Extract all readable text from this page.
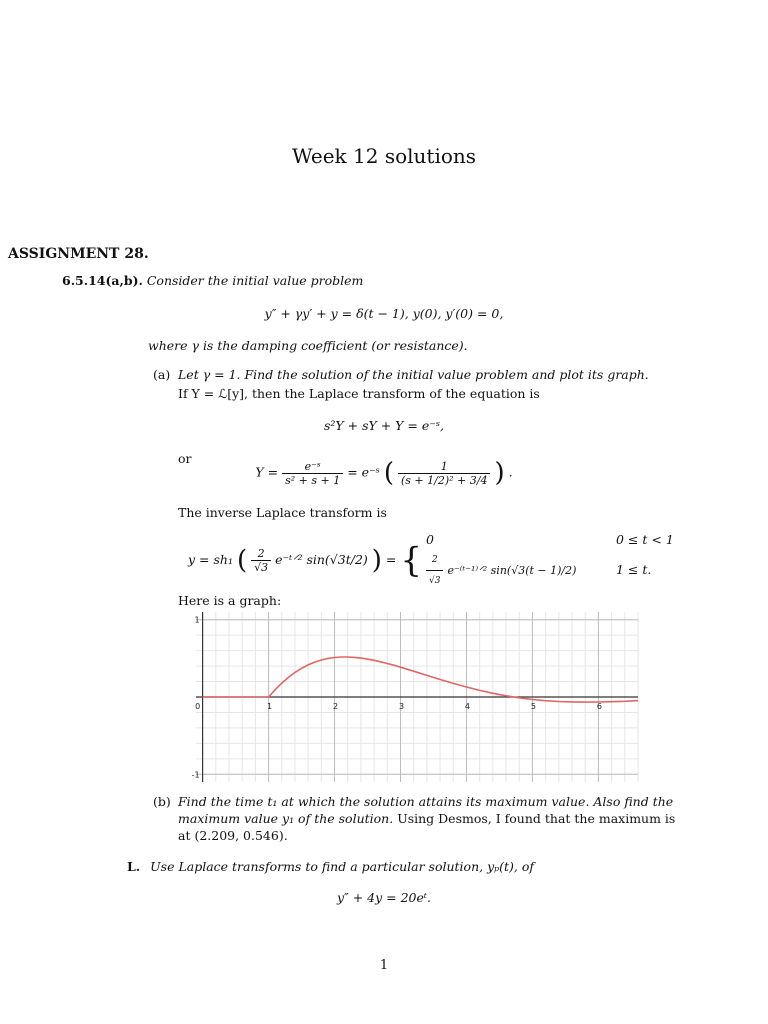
Week 12 solutions
ASSIGNMENT 28.
6.5.14(a,b). Consider the initial value problem
y″ + γy′ + y = δ(t − 1), y(0), y′(0) = 0,
where γ is the damping coefficient (or resistance).
(a) Let γ = 1. Find the solution of the initial value problem and plot its graph.
If Y = ℒ[y], then the Laplace transform of the equation is
s²Y + sY + Y = e⁻ˢ,
or
$Y = \frac{\text{e⁻ˢ}}{\text{s² + s + 1}}$ = e⁻ˢ ( $\frac{1}{\text{(s + 1/2)² + 3/4}}$ ) .
The inverse Laplace transform is
y = sh₁ ( $\frac{2}{√3}$ e⁻ᵗᐟ² sin(√3t/2) ) = {
0	0 ≤ t < 1
$\frac{2}{√3}$ e⁻⁽ᵗ⁻¹⁾ᐟ² sin(√3(t − 1)/2)	1 ≤ t.
Here is a graph:
0	1	2	3	4	5	6
1
-1
(b) Find the time t₁ at which the solution attains its maximum value. Also find the
maximum value y₁ of the solution. Using Desmos, I found that the maximum is
at (2.209, 0.546).
L. Use Laplace transforms to find a particular solution, yₚ(t), of
y″ + 4y = 20eᵗ.
1
